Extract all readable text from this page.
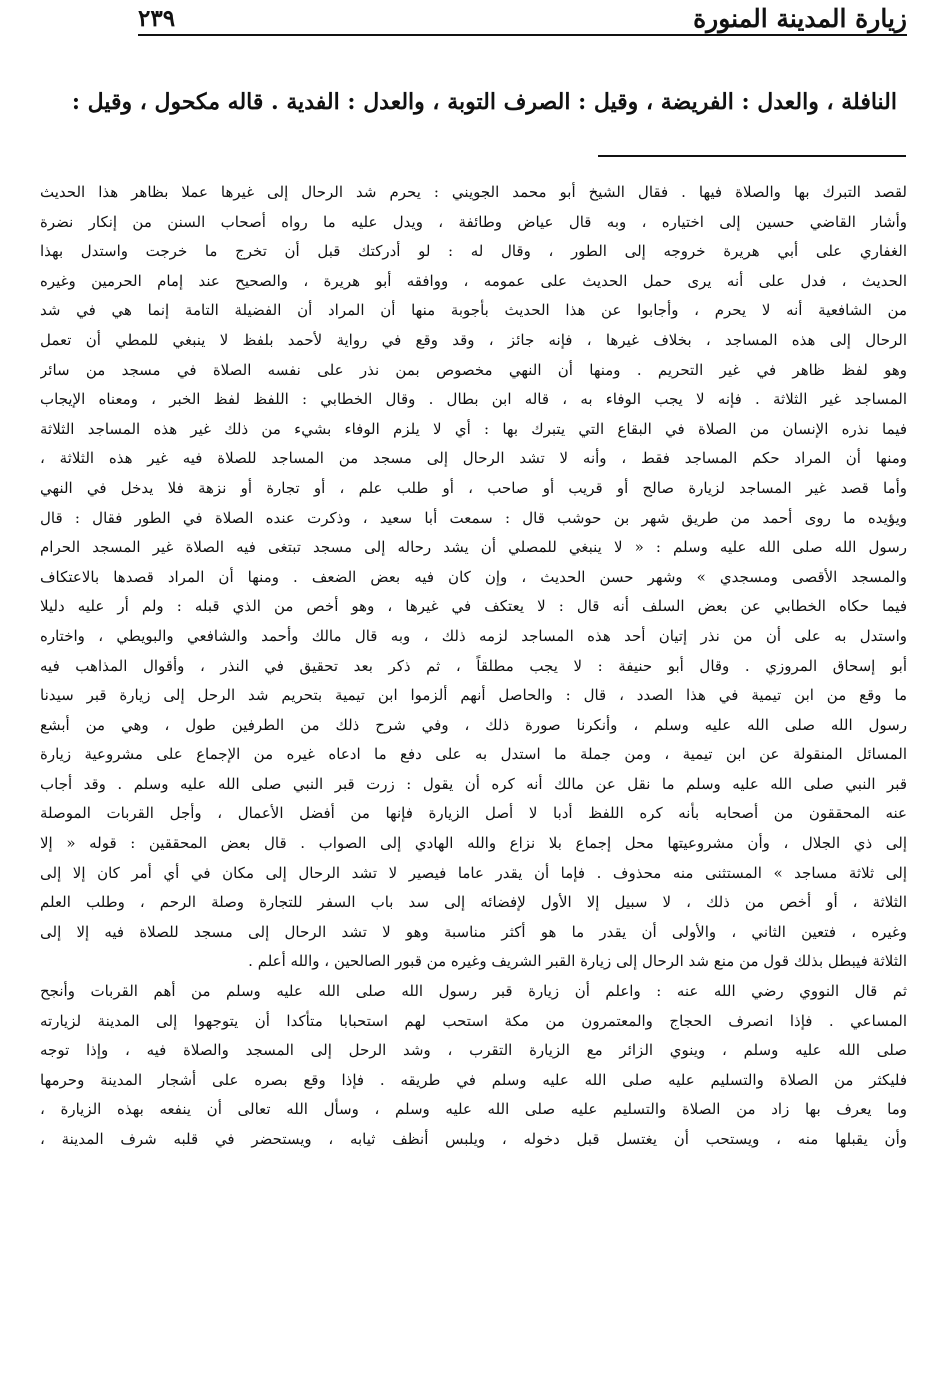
٢٣٩	زيارة المدينة المنورة
النافلة ، والعدل : الفريضة ، وقيل : الصرف التوبة ، والعدل : الفدية . قاله مكحول ، وقيل :
لقصد التبرك بها والصلاة فيها . فقال الشيخ أبو محمد الجويني : يحرم شد الرحال إلى غيرها عملا بظاهر هذا الحديث
وأشار القاضي حسين إلى اختياره ، وبه قال عياض وطائفة ، ويدل عليه ما رواه أصحاب السنن من إنكار نضرة
الغفاري على أبي هريرة خروجه إلى الطور ، وقال له : لو أدركتك قبل أن تخرج ما خرجت واستدل بهذا
الحديث ، فدل على أنه يرى حمل الحديث على عمومه ، ووافقه أبو هريرة ، والصحيح عند إمام الحرمين وغيره
من الشافعية أنه لا يحرم ، وأجابوا عن هذا الحديث بأجوبة منها أن المراد أن الفضيلة التامة إنما هي في شد
الرحال إلى هذه المساجد ، بخلاف غيرها ، فإنه جائز ، وقد وقع في رواية لأحمد بلفظ لا ينبغي للمطي أن تعمل
وهو لفظ ظاهر في غير التحريم . ومنها أن النهي مخصوص بمن نذر على نفسه الصلاة في مسجد من سائر
المساجد غير الثلاثة . فإنه لا يجب الوفاء به ، قاله ابن بطال . وقال الخطابي : اللفظ لفظ الخبر ، ومعناه الإيجاب
فيما نذره الإنسان من الصلاة في البقاع التي يتبرك بها : أي لا يلزم الوفاء بشيء من ذلك غير هذه المساجد الثلاثة
ومنها أن المراد حكم المساجد فقط ، وأنه لا تشد الرحال إلى مسجد من المساجد للصلاة فيه غير هذه الثلاثة ،
وأما قصد غير المساجد لزيارة صالح أو قريب أو صاحب ، أو طلب علم ، أو تجارة أو نزهة فلا يدخل في النهي
ويؤيده ما روى أحمد من طريق شهر بن حوشب قال : سمعت أبا سعيد ، وذكرت عنده الصلاة في الطور فقال : قال
رسول الله صلى الله عليه وسلم : « لا ينبغي للمصلي أن يشد رحاله إلى مسجد تبتغى فيه الصلاة غير المسجد الحرام
والمسجد الأقصى ومسجدي » وشهر حسن الحديث ، وإن كان فيه بعض الضعف . ومنها أن المراد قصدها بالاعتكاف
فيما حكاه الخطابي عن بعض السلف أنه قال : لا يعتكف في غيرها ، وهو أخص من الذي قبله : ولم أر عليه دليلا
واستدل به على أن من نذر إتيان أحد هذه المساجد لزمه ذلك ، وبه قال مالك وأحمد والشافعي والبويطي ، واختاره
أبو إسحاق المروزي . وقال أبو حنيفة : لا يجب مطلقاً ، ثم ذكر بعد تحقيق في النذر ، وأقوال المذاهب فيه
ما وقع من ابن تيمية في هذا الصدد ، قال : والحاصل أنهم ألزموا ابن تيمية بتحريم شد الرحل إلى زيارة قبر سيدنا
رسول الله صلى الله عليه وسلم ، وأنكرنا صورة ذلك ، وفي شرح ذلك من الطرفين طول ، وهي من أبشع
المسائل المنقولة عن ابن تيمية ، ومن جملة ما استدل به على دفع ما ادعاه غيره من الإجماع على مشروعية زيارة
قبر النبي صلى الله عليه وسلم ما نقل عن مالك أنه كره أن يقول : زرت قبر النبي صلى الله عليه وسلم . وقد أجاب
عنه المحققون من أصحابه بأنه كره اللفظ أدبا لا أصل الزيارة فإنها من أفضل الأعمال ، وأجل القربات الموصلة
إلى ذي الجلال ، وأن مشروعيتها محل إجماع بلا نزاع والله الهادي إلى الصواب . قال بعض المحققين : قوله « إلا
إلى ثلاثة مساجد » المستثنى منه محذوف . فإما أن يقدر عاما فيصير لا تشد الرحال إلى مكان في أي أمر كان إلا إلى
الثلاثة ، أو أخص من ذلك ، لا سبيل إلا الأول لإفضائه إلى سد باب السفر للتجارة وصلة الرحم ، وطلب العلم
وغيره ، فتعين الثاني ، والأولى أن يقدر ما هو أكثر مناسبة وهو لا تشد الرحال إلى مسجد للصلاة فيه إلا إلى
الثلاثة فيبطل بذلك قول من منع شد الرحال إلى زيارة القبر الشريف وغيره من قبور الصالحين ، والله أعلم .
ثم قال النووي رضي الله عنه : واعلم أن زيارة قبر رسول الله صلى الله عليه وسلم من أهم القربات وأنجح
المساعي . فإذا انصرف الحجاج والمعتمرون من مكة استحب لهم استحبابا متأكدا أن يتوجهوا إلى المدينة لزيارته
صلى الله عليه وسلم ، وينوي الزائر مع الزيارة التقرب ، وشد الرحل إلى المسجد والصلاة فيه ، وإذا توجه
فليكثر من الصلاة والتسليم عليه صلى الله عليه وسلم في طريقه . فإذا وقع بصره على أشجار المدينة وحرمها
وما يعرف بها زاد من الصلاة والتسليم عليه صلى الله عليه وسلم ، وسأل الله تعالى أن ينفعه بهذه الزيارة ،
وأن يقبلها منه ، ويستحب أن يغتسل قبل دخوله ، ويلبس أنظف ثيابه ، ويستحضر في قلبه شرف المدينة ،
